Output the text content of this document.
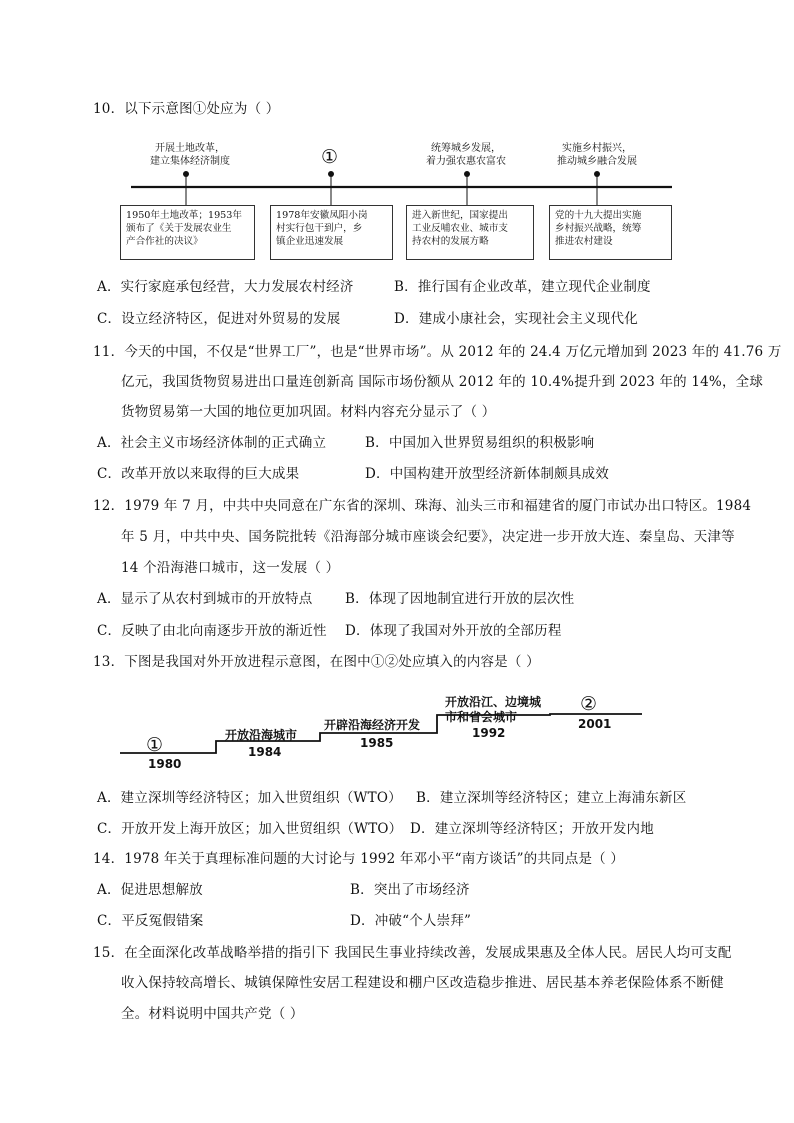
10．以下示意图①处应为（ ）
开展土地改革，
建立集体经济制度	①	统筹城乡发展，
着力强农惠农富农
实施乡村振兴，
推动城乡融合发展
1950年土地改革；1953年
颁布了《关于发展农业生
产合作社的决议》
1978年安徽凤阳小岗
村实行包干到户，乡
镇企业迅速发展
进入新世纪，国家提出
工业反哺农业、城市支
持农村的发展方略
党的十九大提出实施
乡村振兴战略，统筹
推进农村建设
A．实行家庭承包经营，大力发展农村经济	B．推行国有企业改革，建立现代企业制度
C．设立经济特区，促进对外贸易的发展	D．建成小康社会，实现社会主义现代化
11．今天的中国，不仅是“世界工厂”，也是“世界市场”。从 2012 年的 24.4 万亿元增加到 2023 年的 41.76 万
亿元，我国货物贸易进出口量连创新高 国际市场份额从 2012 年的 10.4%提升到 2023 年的 14%，全球
货物贸易第一大国的地位更加巩固。材料内容充分显示了（ ）
A．社会主义市场经济体制的正式确立	B．中国加入世界贸易组织的积极影响
C．改革开放以来取得的巨大成果	D．中国构建开放型经济新体制颇具成效
12．1979 年 7 月，中共中央同意在广东省的深圳、珠海、汕头三市和福建省的厦门市试办出口特区。1984
年 5 月，中共中央、国务院批转《沿海部分城市座谈会纪要》，决定进一步开放大连、秦皇岛、天津等
14 个沿海港口城市，这一发展（ ）
A．显示了从农村到城市的开放特点 B．体现了因地制宜进行开放的层次性
C．反映了由北向南逐步开放的渐近性 D．体现了我国对外开放的全部历程
13．下图是我国对外开放进程示意图，在图中①②处应填入的内容是（ ）
①
1980
开放沿海城市
1984
开辟沿海经济开发
1985
开放沿江、边境城
市和省会城市
1992
②
2001
A．建立深圳等经济特区；加入世贸组织（WTO） B．建立深圳等经济特区；建立上海浦东新区
C．开放开发上海开放区；加入世贸组织（WTO） D．建立深圳等经济特区；开放开发内地
14．1978 年关于真理标准问题的大讨论与 1992 年邓小平“南方谈话”的共同点是（ ）
A．促进思想解放	B．突出了市场经济
C．平反冤假错案	D．冲破“个人崇拜”
15．在全面深化改革战略举措的指引下 我国民生事业持续改善，发展成果惠及全体人民。居民人均可支配
收入保持较高增长、城镇保障性安居工程建设和棚户区改造稳步推进、居民基本养老保险体系不断健
全。材料说明中国共产党（ ）
